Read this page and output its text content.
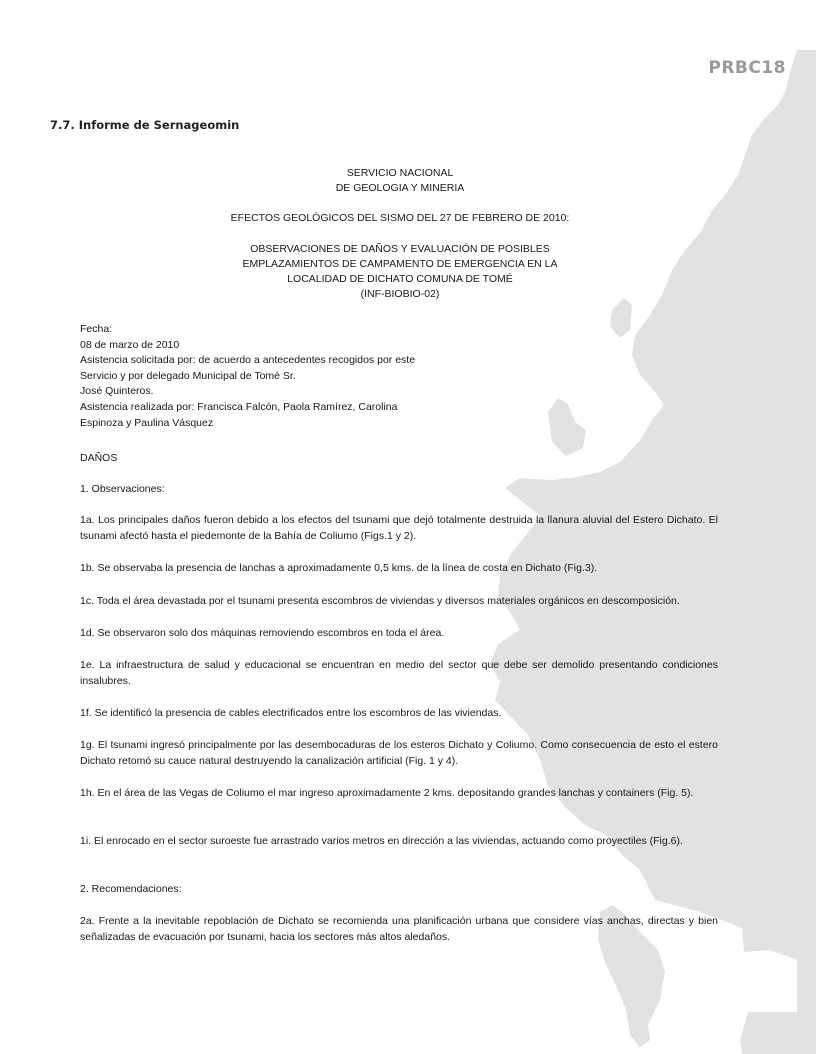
PRBC18
7.7. Informe de Sernageomin
SERVICIO NACIONAL
DE GEOLOGIA Y MINERIA
EFECTOS GEOLÓGICOS DEL SISMO DEL 27 DE FEBRERO DE 2010:
OBSERVACIONES DE DAÑOS Y EVALUACIÓN DE POSIBLES
EMPLAZAMIENTOS DE CAMPAMENTO DE EMERGENCIA EN LA
LOCALIDAD DE DICHATO COMUNA DE TOMÉ
(INF-BIOBIO-02)
Fecha:
08 de marzo de 2010
Asistencia solicitada por: de acuerdo a antecedentes recogidos por este
Servicio y por delegado Municipal de Tomé Sr.
José Quinteros.
Asistencia realizada por: Francisca Falcón, Paola Ramírez, Carolina
Espinoza y Paulina Vásquez
DAÑOS
1. Observaciones:
1a. Los principales daños fueron debido a los efectos del tsunami que dejó totalmente destruida la llanura aluvial del Estero Dichato. El tsunami afectó hasta el piedemonte de la Bahía de Coliumo (Figs.1 y 2).
1b. Se observaba la presencia de lanchas a aproximadamente 0,5 kms. de la línea de costa en Dichato (Fig.3).
1c. Toda el área devastada por el tsunami presenta escombros de viviendas y diversos materiales orgánicos en descomposición.
1d. Se observaron solo dos máquinas removiendo escombros en toda el área.
1e. La infraestructura de salud y educacional se encuentran en medio del sector que debe ser demolido presentando condiciones insalubres.
1f. Se identificó la presencia de cables electrificados entre los escombros de las viviendas.
1g. El tsunami ingresó principalmente por las desembocaduras de los esteros Dichato y Coliumo. Como consecuencia de esto el estero Dichato retomó su cauce natural destruyendo la canalización artificial (Fig. 1 y 4).
1h. En el área de las Vegas de Coliumo el mar ingreso aproximadamente 2 kms. depositando grandes lanchas y containers (Fig. 5).
1i. El enrocado en el sector suroeste fue arrastrado varios metros en dirección a las viviendas, actuando como proyectiles (Fig.6).
2. Recomendaciones:
2a. Frente a la inevitable repoblación de Dichato se recomienda una planificación urbana que considere vías anchas, directas y bien señalizadas de evacuación por tsunami, hacia los sectores más altos aledaños.
48
